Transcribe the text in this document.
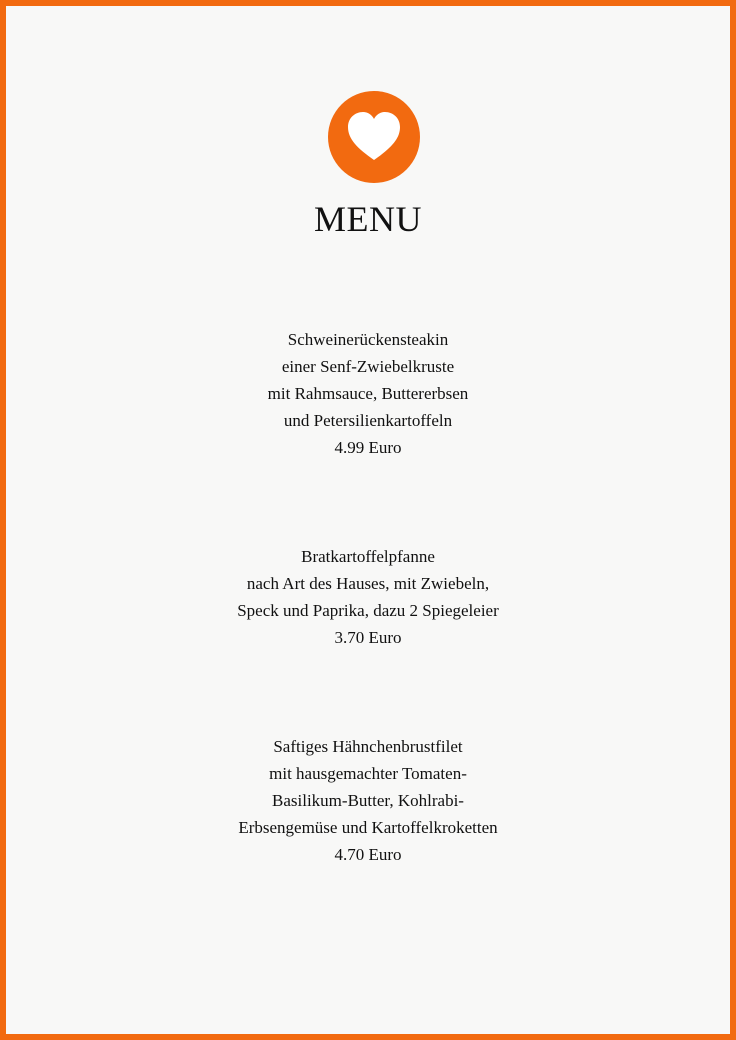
MENU
Schweinerückensteakin
einer Senf-Zwiebelkruste
mit Rahmsauce, Buttererbsen
und Petersilienkartoffeln
4.99 Euro
Bratkartoffelpfanne
nach Art des Hauses, mit Zwiebeln,
Speck und Paprika, dazu 2 Spiegeleier
3.70 Euro
Saftiges Hähnchenbrustfilet
mit hausgemachter Tomaten-
Basilikum-Butter, Kohlrabi-
Erbsengemüse und Kartoffelkroketten
4.70 Euro
